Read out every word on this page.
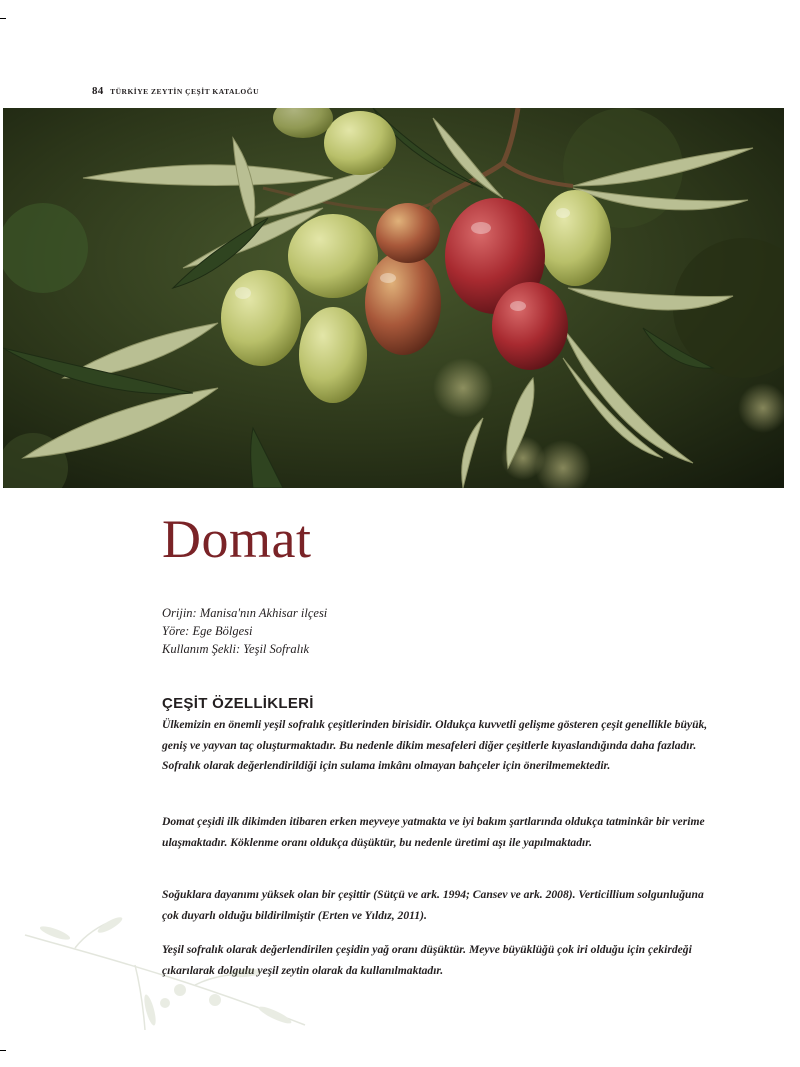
84 TÜRKİYE ZEYTİN ÇEŞİT KATALOĞU
Domat
Orijin: Manisa'nın Akhisar ilçesi
Yöre: Ege Bölgesi
Kullanım Şekli: Yeşil Sofralık
ÇEŞİT ÖZELLİKLERİ

Ülkemizin en önemli yeşil sofralık çeşitlerinden birisidir. Oldukça kuvvetli gelişme gösteren çeşit genellikle büyük, geniş ve yayvan taç oluşturmaktadır. Bu nedenle dikim mesafeleri diğer çeşitlerle kıyaslandığında daha fazladır. Sofralık olarak değerlendirildiği için sulama imkânı olmayan bahçeler için önerilmemektedir.

Domat çeşidi ilk dikimden itibaren erken meyveye yatmakta ve iyi bakım şartlarında oldukça tatminkâr bir verime ulaşmaktadır. Köklenme oranı oldukça düşüktür, bu nedenle üretimi aşı ile yapılmaktadır.

Soğuklara dayanımı yüksek olan bir çeşittir (Sütçü ve ark. 1994; Cansev ve ark. 2008). Verticillium solgunluğuna çok duyarlı olduğu bildirilmiştir (Erten ve Yıldız, 2011).

Yeşil sofralık olarak değerlendirilen çeşidin yağ oranı düşüktür. Meyve büyüklüğü çok iri olduğu için çekirdeği çıkarılarak dolgulu yeşil zeytin olarak da kullanılmaktadır.
